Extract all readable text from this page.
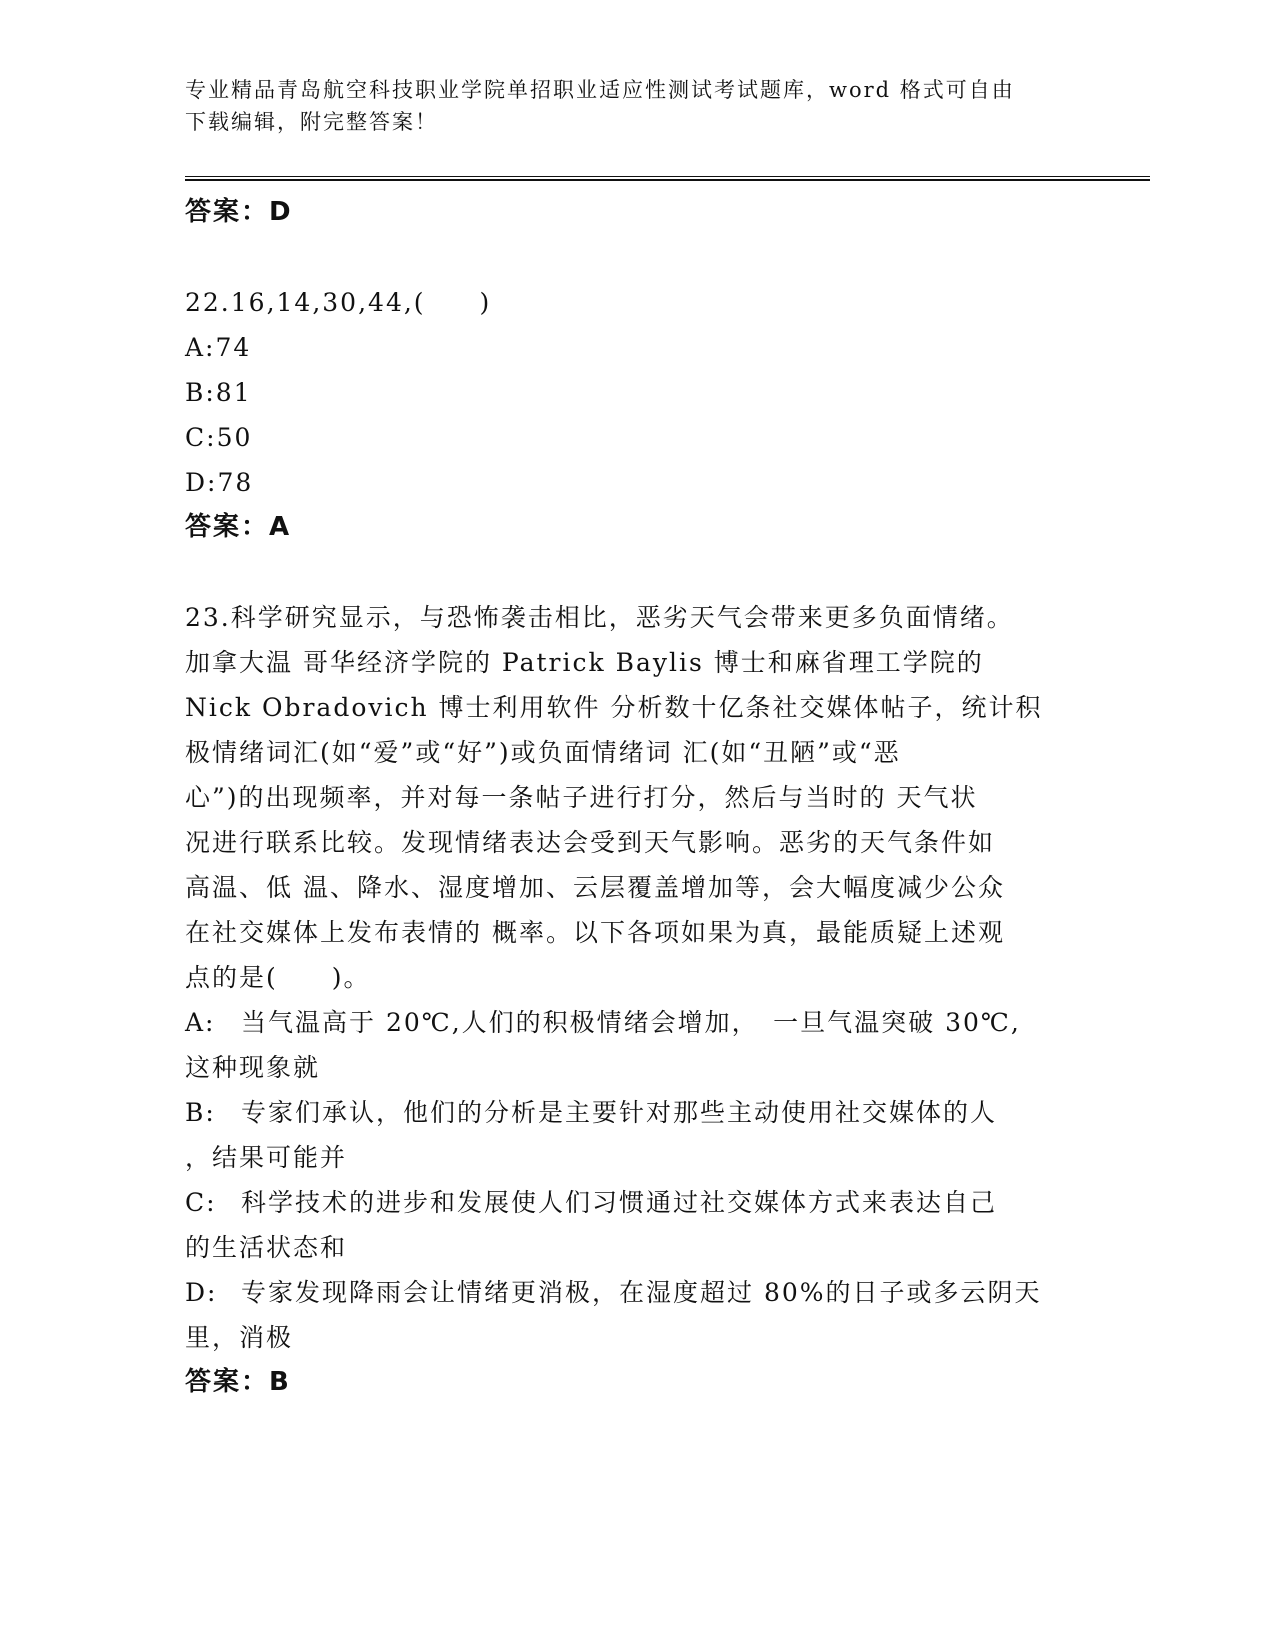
专业精品青岛航空科技职业学院单招职业适应性测试考试题库，word 格式可自由
下载编辑，附完整答案！
答案：D
22.16,14,30,44,(　　)
A:74
B:81
C:50
D:78
答案：A
23.科学研究显示，与恐怖袭击相比，恶劣天气会带来更多负面情绪。
加拿大温 哥华经济学院的 Patrick Baylis 博士和麻省理工学院的
Nick Obradovich 博士利用软件 分析数十亿条社交媒体帖子，统计积
极情绪词汇(如“爱”或“好”)或负面情绪词 汇(如“丑陋”或“恶
心”)的出现频率，并对每一条帖子进行打分，然后与当时的 天气状
况进行联系比较。发现情绪表达会受到天气影响。恶劣的天气条件如
高温、低 温、降水、湿度增加、云层覆盖增加等，会大幅度减少公众
在社交媒体上发布表情的 概率。以下各项如果为真，最能质疑上述观
点的是(　　)。
A: 当气温高于 20℃,人们的积极情绪会增加，　一旦气温突破 30℃,
这种现象就
B: 专家们承认，他们的分析是主要针对那些主动使用社交媒体的人
，结果可能并
C: 科学技术的进步和发展使人们习惯通过社交媒体方式来表达自己
的生活状态和
D: 专家发现降雨会让情绪更消极，在湿度超过 80%的日子或多云阴天
里，消极
答案：B
